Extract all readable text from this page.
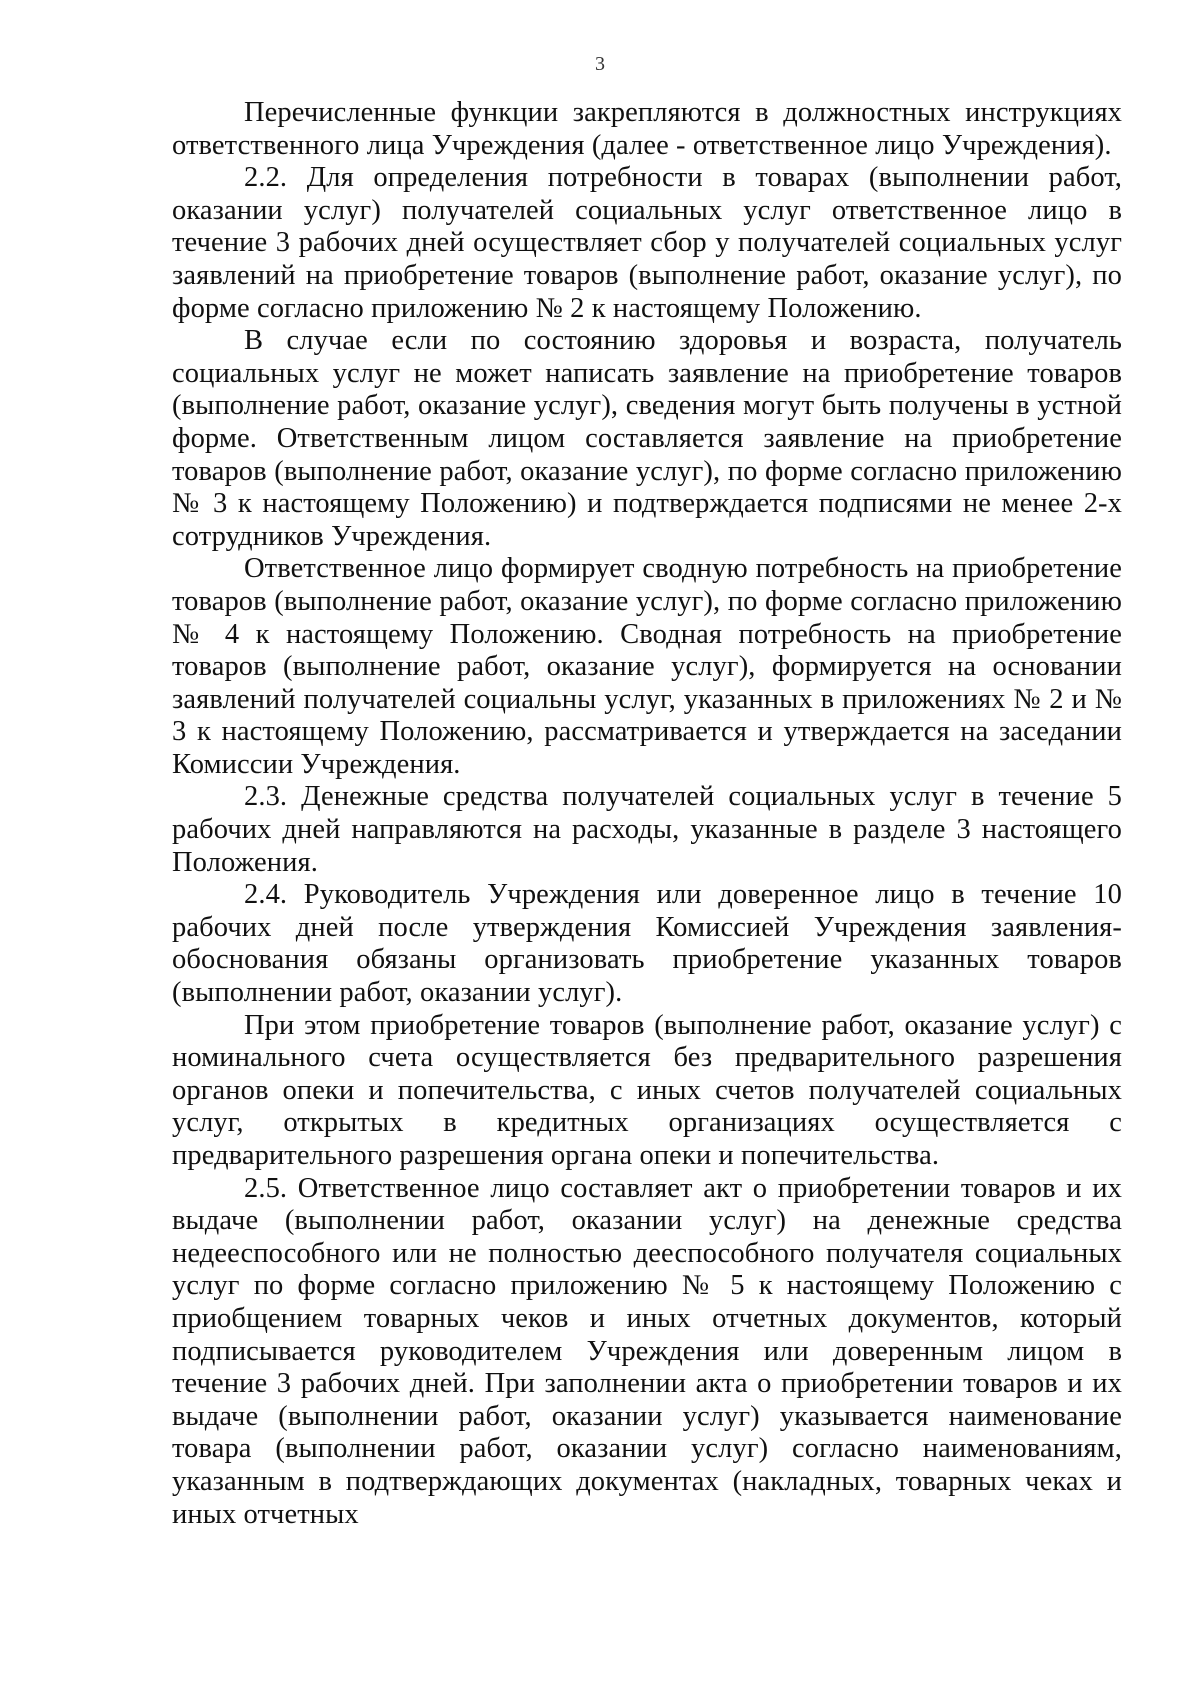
3

Перечисленные функции закрепляются в должностных инструкциях ответственного лица Учреждения (далее - ответственное лицо Учреждения).

2.2. Для определения потребности в товарах (выполнении работ, оказании услуг) получателей социальных услуг ответственное лицо в течение 3 рабочих дней осуществляет сбор у получателей социальных услуг заявлений на приобретение товаров (выполнение работ, оказание услуг), по форме согласно приложению № 2 к настоящему Положению.

В случае если по состоянию здоровья и возраста, получатель социальных услуг не может написать заявление на приобретение товаров (выполнение работ, оказание услуг), сведения могут быть получены в устной форме. Ответственным лицом составляется заявление на приобретение товаров (выполнение работ, оказание услуг), по форме согласно приложению № 3 к настоящему Положению) и подтверждается подписями не менее 2-х сотрудников Учреждения.

Ответственное лицо формирует сводную потребность на приобретение товаров (выполнение работ, оказание услуг), по форме согласно приложению № 4 к настоящему Положению. Сводная потребность на приобретение товаров (выполнение работ, оказание услуг), формируется на основании заявлений получателей социальны услуг, указанных в приложениях № 2 и № 3 к настоящему Положению, рассматривается и утверждается на заседании Комиссии Учреждения.

2.3. Денежные средства получателей социальных услуг в течение 5 рабочих дней направляются на расходы, указанные в разделе 3 настоящего Положения.

2.4. Руководитель Учреждения или доверенное лицо в течение 10 рабочих дней после утверждения Комиссией Учреждения заявления-обоснования обязаны организовать приобретение указанных товаров (выполнении работ, оказании услуг).

При этом приобретение товаров (выполнение работ, оказание услуг) с номинального счета осуществляется без предварительного разрешения органов опеки и попечительства, с иных счетов получателей социальных услуг, открытых в кредитных организациях осуществляется с предварительного разрешения органа опеки и попечительства.

2.5. Ответственное лицо составляет акт о приобретении товаров и их выдаче (выполнении работ, оказании услуг) на денежные средства недееспособного или не полностью дееспособного получателя социальных услуг по форме согласно приложению № 5 к настоящему Положению с приобщением товарных чеков и иных отчетных документов, который подписывается руководителем Учреждения или доверенным лицом в течение 3 рабочих дней. При заполнении акта о приобретении товаров и их выдаче (выполнении работ, оказании услуг) указывается наименование товара (выполнении работ, оказании услуг) согласно наименованиям, указанным в подтверждающих документах (накладных, товарных чеках и иных отчетных
